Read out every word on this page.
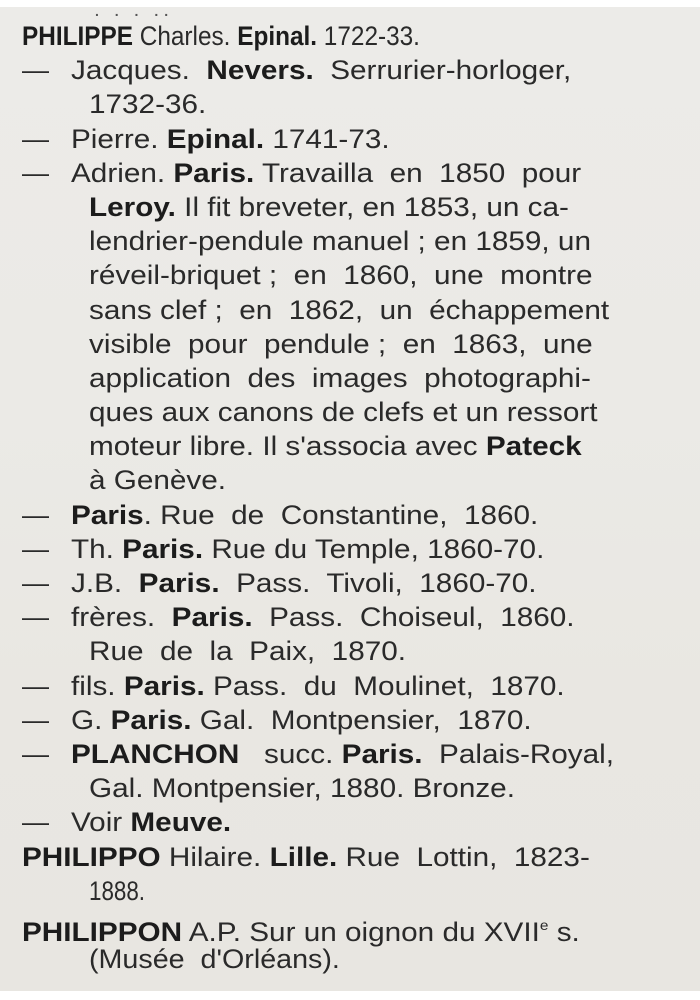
. . . ..
PHILIPPE Charles. Epinal. 1722-33.
— Jacques.  Nevers.  Serrurier-horloger,
1732-36.
— Pierre. Epinal. 1741-73.
— Adrien. Paris. Travailla  en  1850  pour
Leroy. Il fit breveter, en 1853, un ca-
lendrier-pendule manuel ; en 1859, un
réveil-briquet ;  en  1860,  une  montre
sans clef ;  en  1862,  un  échappement
visible  pour  pendule ;  en  1863,  une
application  des  images  photographi-
ques aux canons de clefs et un ressort
moteur libre. Il s'associa avec Pateck
à Genève.
— Paris. Rue  de  Constantine,  1860.
— Th. Paris. Rue du Temple, 1860-70.
— J.B.  Paris.  Pass.  Tivoli,  1860-70.
— frères.  Paris.  Pass.  Choiseul,  1860.
Rue  de  la  Paix,  1870.
— fils. Paris. Pass.  du  Moulinet,  1870.
— G. Paris. Gal.  Montpensier,  1870.
— PLANCHON   succ. Paris.  Palais-Royal,
Gal. Montpensier, 1880. Bronze.
— Voir Meuve.
PHILIPPO Hilaire. Lille. Rue  Lottin,  1823-
1888.
PHILIPPON A.P. Sur un oignon du XVIIe s.
(Musée  d'Orléans).
